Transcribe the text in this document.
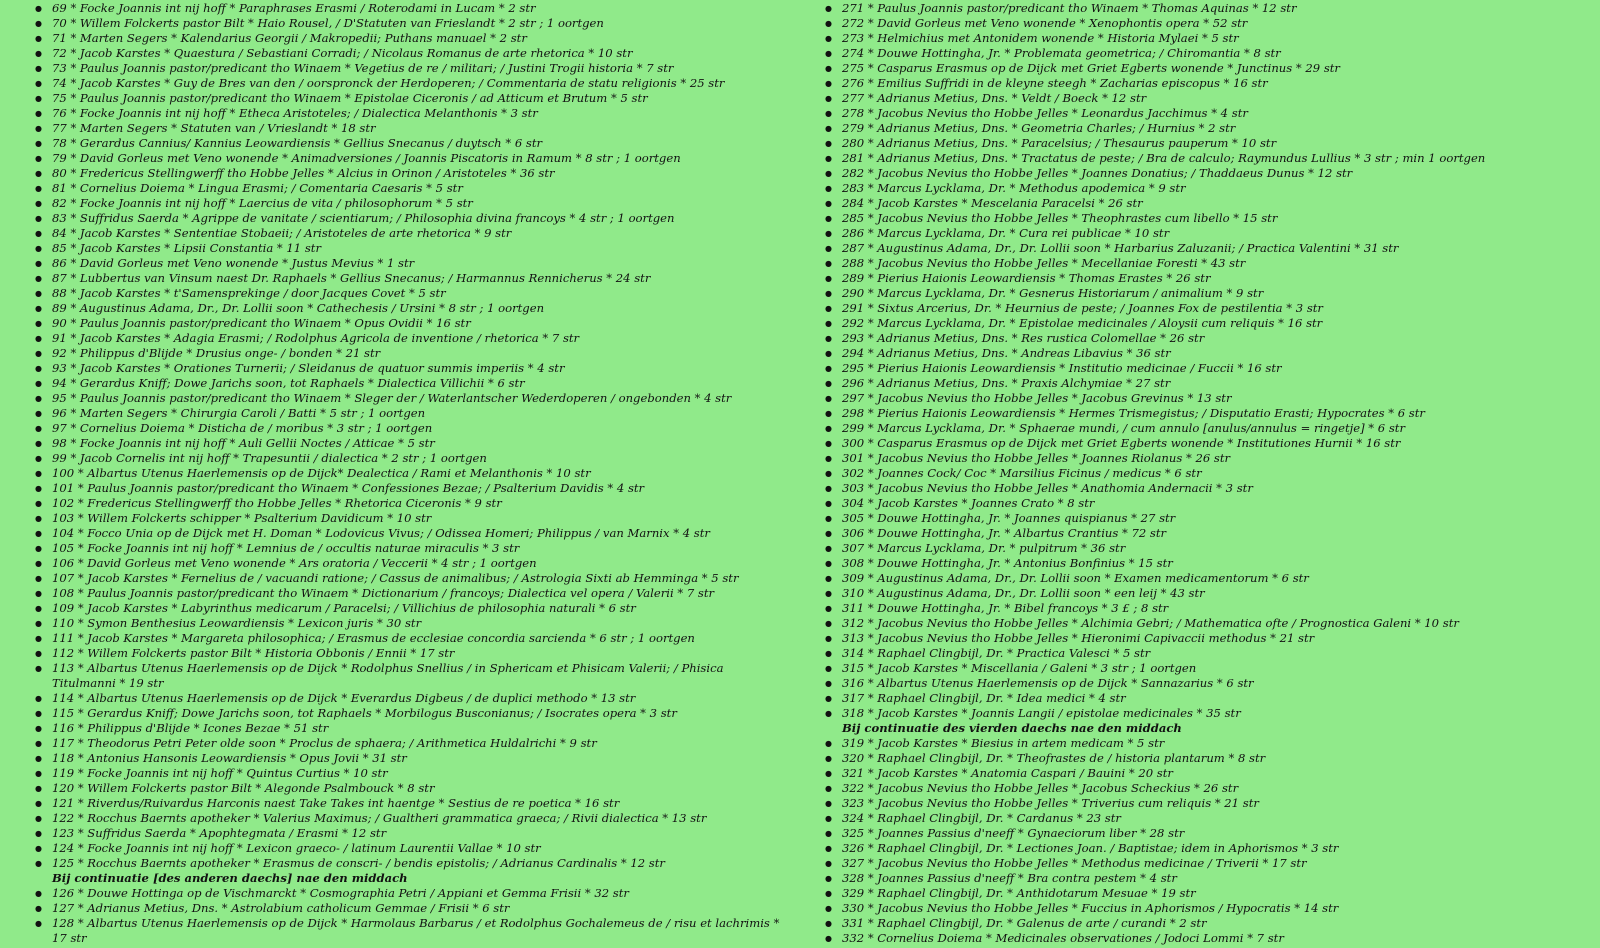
● 69 * Focke Joannis int nij hoff * Paraphrases Erasmi / Roterodami in Lucam * 2 str
● 70 * Willem Folckerts pastor Bilt * Haio Rousel, / D'Statuten van Frieslandt * 2 str ; 1 oortgen
● 71 * Marten Segers * Kalendarius Georgii / Makropedii; Puthans manuael * 2 str
● 72 * Jacob Karstes * Quaestura / Sebastiani Corradi; / Nicolaus Romanus de arte rhetorica * 10 str
● 73 * Paulus Joannis pastor/predicant tho Winaem * Vegetius de re / militari; / Justini Trogii historia * 7 str
● 74 * Jacob Karstes * Guy de Bres van den / oorspronck der Herdoperen; / Commentaria de statu religionis * 25 str
● 75 * Paulus Joannis pastor/predicant tho Winaem * Epistolae Ciceronis / ad Atticum et Brutum * 5 str
● 76 * Focke Joannis int nij hoff * Etheca Aristoteles; / Dialectica Melanthonis * 3 str
● 77 * Marten Segers * Statuten van / Vrieslandt * 18 str
● 78 * Gerardus Cannius/ Kannius Leowardiensis * Gellius Snecanus / duytsch * 6 str
● 79 * David Gorleus met Veno wonende * Animadversiones / Joannis Piscatoris in Ramum * 8 str ; 1 oortgen
● 80 * Fredericus Stellingwerff tho Hobbe Jelles * Alcius in Orinon / Aristoteles * 36 str
● 81 * Cornelius Doiema * Lingua Erasmi; / Comentaria Caesaris * 5 str
● 82 * Focke Joannis int nij hoff * Laercius de vita / philosophorum * 5 str
● 83 * Suffridus Saerda * Agrippe de vanitate / scientiarum; / Philosophia divina francoys * 4 str ; 1 oortgen
● 84 * Jacob Karstes * Sententiae Stobaeii; / Aristoteles de arte rhetorica * 9 str
● 85 * Jacob Karstes * Lipsii Constantia * 11 str
● 86 * David Gorleus met Veno wonende * Justus Mevius * 1 str
● 87 * Lubbertus van Vinsum naest Dr. Raphaels * Gellius Snecanus; / Harmannus Rennicherus * 24 str
● 88 * Jacob Karstes * t'Samensprekinge / door Jacques Covet * 5 str
● 89 * Augustinus Adama, Dr., Dr. Lollii soon * Cathechesis / Ursini * 8 str ; 1 oortgen
● 90 * Paulus Joannis pastor/predicant tho Winaem * Opus Ovidii * 16 str
● 91 * Jacob Karstes * Adagia Erasmi; / Rodolphus Agricola de inventione / rhetorica * 7 str
● 92 * Philippus d'Blijde * Drusius onge- / bonden * 21 str
● 93 * Jacob Karstes * Orationes Turnerii; / Sleidanus de quatuor summis imperiis * 4 str
● 94 * Gerardus Kniff; Dowe Jarichs soon, tot Raphaels * Dialectica Villichii * 6 str
● 95 * Paulus Joannis pastor/predicant tho Winaem * Sleger der / Waterlantscher Wederdoperen / ongebonden * 4 str
● 96 * Marten Segers * Chirurgia Caroli / Batti * 5 str ; 1 oortgen
● 97 * Cornelius Doiema * Disticha de / moribus * 3 str ; 1 oortgen
● 98 * Focke Joannis int nij hoff * Auli Gellii Noctes / Atticae * 5 str
● 99 * Jacob Cornelis int nij hoff * Trapesuntii / dialectica * 2 str ; 1 oortgen
● 100 * Albartus Utenus Haerlemensis op de Dijck* Dealectica / Rami et Melanthonis * 10 str
● 101 * Paulus Joannis pastor/predicant tho Winaem * Confessiones Bezae; / Psalterium Davidis * 4 str
● 102 * Fredericus Stellingwerff tho Hobbe Jelles * Rhetorica Ciceronis * 9 str
● 103 * Willem Folckerts schipper * Psalterium Davidicum * 10 str
● 104 * Focco Unia op de Dijck met H. Doman * Lodovicus Vivus; / Odissea Homeri; Philippus / van Marnix * 4 str
● 105 * Focke Joannis int nij hoff * Lemnius de / occultis naturae miraculis * 3 str
● 106 * David Gorleus met Veno wonende * Ars oratoria / Veccerii * 4 str ; 1 oortgen
● 107 * Jacob Karstes * Fernelius de / vacuandi ratione; / Cassus de animalibus; / Astrologia Sixti ab Hemminga * 5 str
● 108 * Paulus Joannis pastor/predicant tho Winaem * Dictionarium / francoys; Dialectica vel opera / Valerii * 7 str
● 109 * Jacob Karstes * Labyrinthus medicarum / Paracelsi; / Villichius de philosophia naturali * 6 str
● 110 * Symon Benthesius Leowardiensis * Lexicon juris * 30 str
● 111 * Jacob Karstes * Margareta philosophica; / Erasmus de ecclesiae concordia sarcienda * 6 str ; 1 oortgen
● 112 * Willem Folckerts pastor Bilt * Historia Obbonis / Ennii * 17 str
● 113 * Albartus Utenus Haerlemensis op de Dijck * Rodolphus Snellius / in Sphericam et Phisicam Valerii; / Phisica Titulmanni * 19 str
● 114 * Albartus Utenus Haerlemensis op de Dijck * Everardus Digbeus / de duplici methodo * 13 str
● 115 * Gerardus Kniff; Dowe Jarichs soon, tot Raphaels * Morbilogus Busconianus; / Isocrates opera * 3 str
● 116 * Philippus d'Blijde * Icones Bezae * 51 str
● 117 * Theodorus Petri Peter olde soon * Proclus de sphaera; / Arithmetica Huldalrichi * 9 str
● 118 * Antonius Hansonis Leowardiensis * Opus Jovii * 31 str
● 119 * Focke Joannis int nij hoff * Quintus Curtius * 10 str
● 120 * Willem Folckerts pastor Bilt * Alegonde Psalmbouck * 8 str
● 121 * Riverdus/Ruivardus Harconis naest Take Takes int haentge * Sestius de re poetica * 16 str
● 122 * Rocchus Baernts apotheker * Valerius Maximus; / Gualtheri grammatica graeca; / Rivii dialectica * 13 str
● 123 * Suffridus Saerda * Apophtegmata / Erasmi * 12 str
● 124 * Focke Joannis int nij hoff * Lexicon graeco- / latinum Laurentii Vallae * 10 str
● 125 * Rocchus Baernts apotheker * Erasmus de conscri- / bendis epistolis; / Adrianus Cardinalis * 12 str
Bij continuatie [des anderen daechs] nae den middach
● 126 * Douwe Hottinga op de Vischmarckt * Cosmographia Petri / Appiani et Gemma Frisii * 32 str
● 127 * Adrianus Metius, Dns. * Astrolabium catholicum Gemmae / Frisii * 6 str
● 128 * Albartus Utenus Haerlemensis op de Dijck * Harmolaus Barbarus / et Rodolphus Gochalemeus de / risu et lachrimis * 17 str
● 271 * Paulus Joannis pastor/predicant tho Winaem * Thomas Aquinas * 12 str
● 272 * David Gorleus met Veno wonende * Xenophontis opera * 52 str
● 273 * Helmichius met Antonidem wonende * Historia Mylaei * 5 str
● 274 * Douwe Hottingha, Jr. * Problemata geometrica; / Chiromantia * 8 str
● 275 * Casparus Erasmus op de Dijck met Griet Egberts wonende * Junctinus * 29 str
● 276 * Emilius Suffridi in de kleyne steegh * Zacharias episcopus * 16 str
● 277 * Adrianus Metius, Dns. * Veldt / Boeck * 12 str
● 278 * Jacobus Nevius tho Hobbe Jelles * Leonardus Jacchimus * 4 str
● 279 * Adrianus Metius, Dns. * Geometria Charles; / Hurnius * 2 str
● 280 * Adrianus Metius, Dns. * Paracelsius; / Thesaurus pauperum * 10 str
● 281 * Adrianus Metius, Dns. * Tractatus de peste; / Bra de calculo; Raymundus Lullius * 3 str ; min 1 oortgen
● 282 * Jacobus Nevius tho Hobbe Jelles * Joannes Donatius; / Thaddaeus Dunus * 12 str
● 283 * Marcus Lycklama, Dr. * Methodus apodemica * 9 str
● 284 * Jacob Karstes * Mescelania Paracelsi * 26 str
● 285 * Jacobus Nevius tho Hobbe Jelles * Theophrastes cum libello * 15 str
● 286 * Marcus Lycklama, Dr. * Cura rei publicae * 10 str
● 287 * Augustinus Adama, Dr., Dr. Lollii soon * Harbarius Zaluzanii; / Practica Valentini * 31 str
● 288 * Jacobus Nevius tho Hobbe Jelles * Mecellaniae Foresti * 43 str
● 289 * Pierius Haionis Leowardiensis * Thomas Erastes * 26 str
● 290 * Marcus Lycklama, Dr. * Gesnerus Historiarum / animalium * 9 str
● 291 * Sixtus Arcerius, Dr. * Heurnius de peste; / Joannes Fox de pestilentia * 3 str
● 292 * Marcus Lycklama, Dr. * Epistolae medicinales / Aloysii cum reliquis * 16 str
● 293 * Adrianus Metius, Dns. * Res rustica Colomellae * 26 str
● 294 * Adrianus Metius, Dns. * Andreas Libavius * 36 str
● 295 * Pierius Haionis Leowardiensis * Institutio medicinae / Fuccii * 16 str
● 296 * Adrianus Metius, Dns. * Praxis Alchymiae * 27 str
● 297 * Jacobus Nevius tho Hobbe Jelles * Jacobus Grevinus * 13 str
● 298 * Pierius Haionis Leowardiensis * Hermes Trismegistus; / Disputatio Erasti; Hypocrates * 6 str
● 299 * Marcus Lycklama, Dr. * Sphaerae mundi, / cum annulo [anulus/annulus = ringetje] * 6 str
● 300 * Casparus Erasmus op de Dijck met Griet Egberts wonende * Institutiones Hurnii * 16 str
● 301 * Jacobus Nevius tho Hobbe Jelles * Joannes Riolanus * 26 str
● 302 * Joannes Cock/ Coc * Marsilius Ficinus / medicus * 6 str
● 303 * Jacobus Nevius tho Hobbe Jelles * Anathomia Andernacii * 3 str
● 304 * Jacob Karstes * Joannes Crato * 8 str
● 305 * Douwe Hottingha, Jr. * Joannes quispianus * 27 str
● 306 * Douwe Hottingha, Jr. * Albartus Crantius * 72 str
● 307 * Marcus Lycklama, Dr. * pulpitrum * 36 str
● 308 * Douwe Hottingha, Jr. * Antonius Bonfinius * 15 str
● 309 * Augustinus Adama, Dr., Dr. Lollii soon * Examen medicamentorum * 6 str
● 310 * Augustinus Adama, Dr., Dr. Lollii soon * een leij * 43 str
● 311 * Douwe Hottingha, Jr. * Bibel francoys * 3 £ ; 8 str
● 312 * Jacobus Nevius tho Hobbe Jelles * Alchimia Gebri; / Mathematica ofte / Prognostica Galeni * 10 str
● 313 * Jacobus Nevius tho Hobbe Jelles * Hieronimi Capivaccii methodus * 21 str
● 314 * Raphael Clingbijl, Dr. * Practica Valesci * 5 str
● 315 * Jacob Karstes * Miscellania / Galeni * 3 str ; 1 oortgen
● 316 * Albartus Utenus Haerlemensis op de Dijck * Sannazarius * 6 str
● 317 * Raphael Clingbijl, Dr. * Idea medici * 4 str
● 318 * Jacob Karstes * Joannis Langii / epistolae medicinales * 35 str
Bij continuatie des vierden daechs nae den middach
● 319 * Jacob Karstes * Biesius in artem medicam * 5 str
● 320 * Raphael Clingbijl, Dr. * Theofrastes de / historia plantarum * 8 str
● 321 * Jacob Karstes * Anatomia Caspari / Bauini * 20 str
● 322 * Jacobus Nevius tho Hobbe Jelles * Jacobus Scheckius * 26 str
● 323 * Jacobus Nevius tho Hobbe Jelles * Triverius cum reliquis * 21 str
● 324 * Raphael Clingbijl, Dr. * Cardanus * 23 str
● 325 * Joannes Passius d'neeff * Gynaeciorum liber * 28 str
● 326 * Raphael Clingbijl, Dr. * Lectiones Joan. / Baptistae; idem in Aphorismos * 3 str
● 327 * Jacobus Nevius tho Hobbe Jelles * Methodus medicinae / Triverii * 17 str
● 328 * Joannes Passius d'neeff * Bra contra pestem * 4 str
● 329 * Raphael Clingbijl, Dr. * Anthidotarum Mesuae * 19 str
● 330 * Jacobus Nevius tho Hobbe Jelles * Fuccius in Aphorismos / Hypocratis * 14 str
● 331 * Raphael Clingbijl, Dr. * Galenus de arte / curandi * 2 str
● 332 * Cornelius Doiema * Medicinales observationes / Jodoci Lommi * 7 str
